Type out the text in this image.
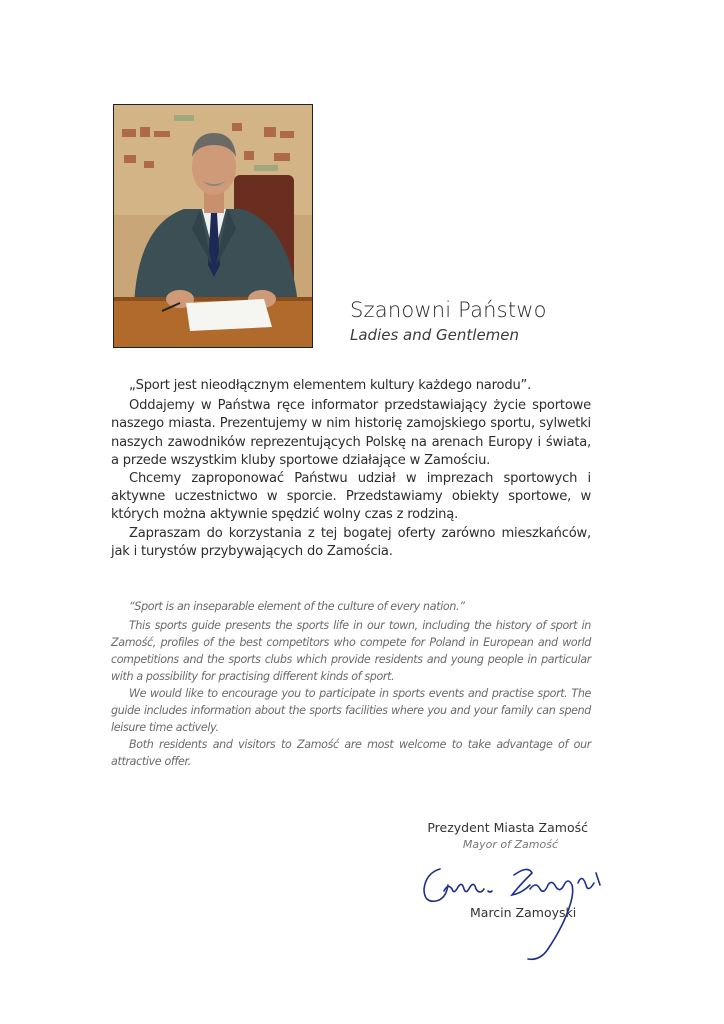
Szanowni Państwo
Ladies and Gentlemen

„Sport jest nieodłącznym elementem kultury każdego narodu”.

Oddajemy w Państwa ręce informator przedstawiający życie sportowe naszego miasta. Prezentujemy w nim historię zamojskiego sportu, sylwetki naszych zawodników reprezentujących Polskę na arenach Europy i świata, a przede wszystkim kluby sportowe działające w Zamościu.

Chcemy zaproponować Państwu udział w imprezach sportowych i aktywne uczestnictwo w sporcie. Przedstawiamy obiekty sportowe, w których można aktywnie spędzić wolny czas z rodziną.

Zapraszam do korzystania z tej bogatej oferty zarówno mieszkańców, jak i turystów przybywających do Zamościa.

“Sport is an inseparable element of the culture of every nation.”

This sports guide presents the sports life in our town, including the history of sport in Zamość, profiles of the best competitors who compete for Poland in European and world competitions and the sports clubs which provide residents and young people in particular with a possibility for practising different kinds of sport.

We would like to encourage you to participate in sports events and practise sport. The guide includes information about the sports facilities where you and your family can spend leisure time actively.

Both residents and visitors to Zamość are most welcome to take advantage of our attractive offer.

Prezydent Miasta Zamość
Mayor of Zamość
Marcin Zamoyski
